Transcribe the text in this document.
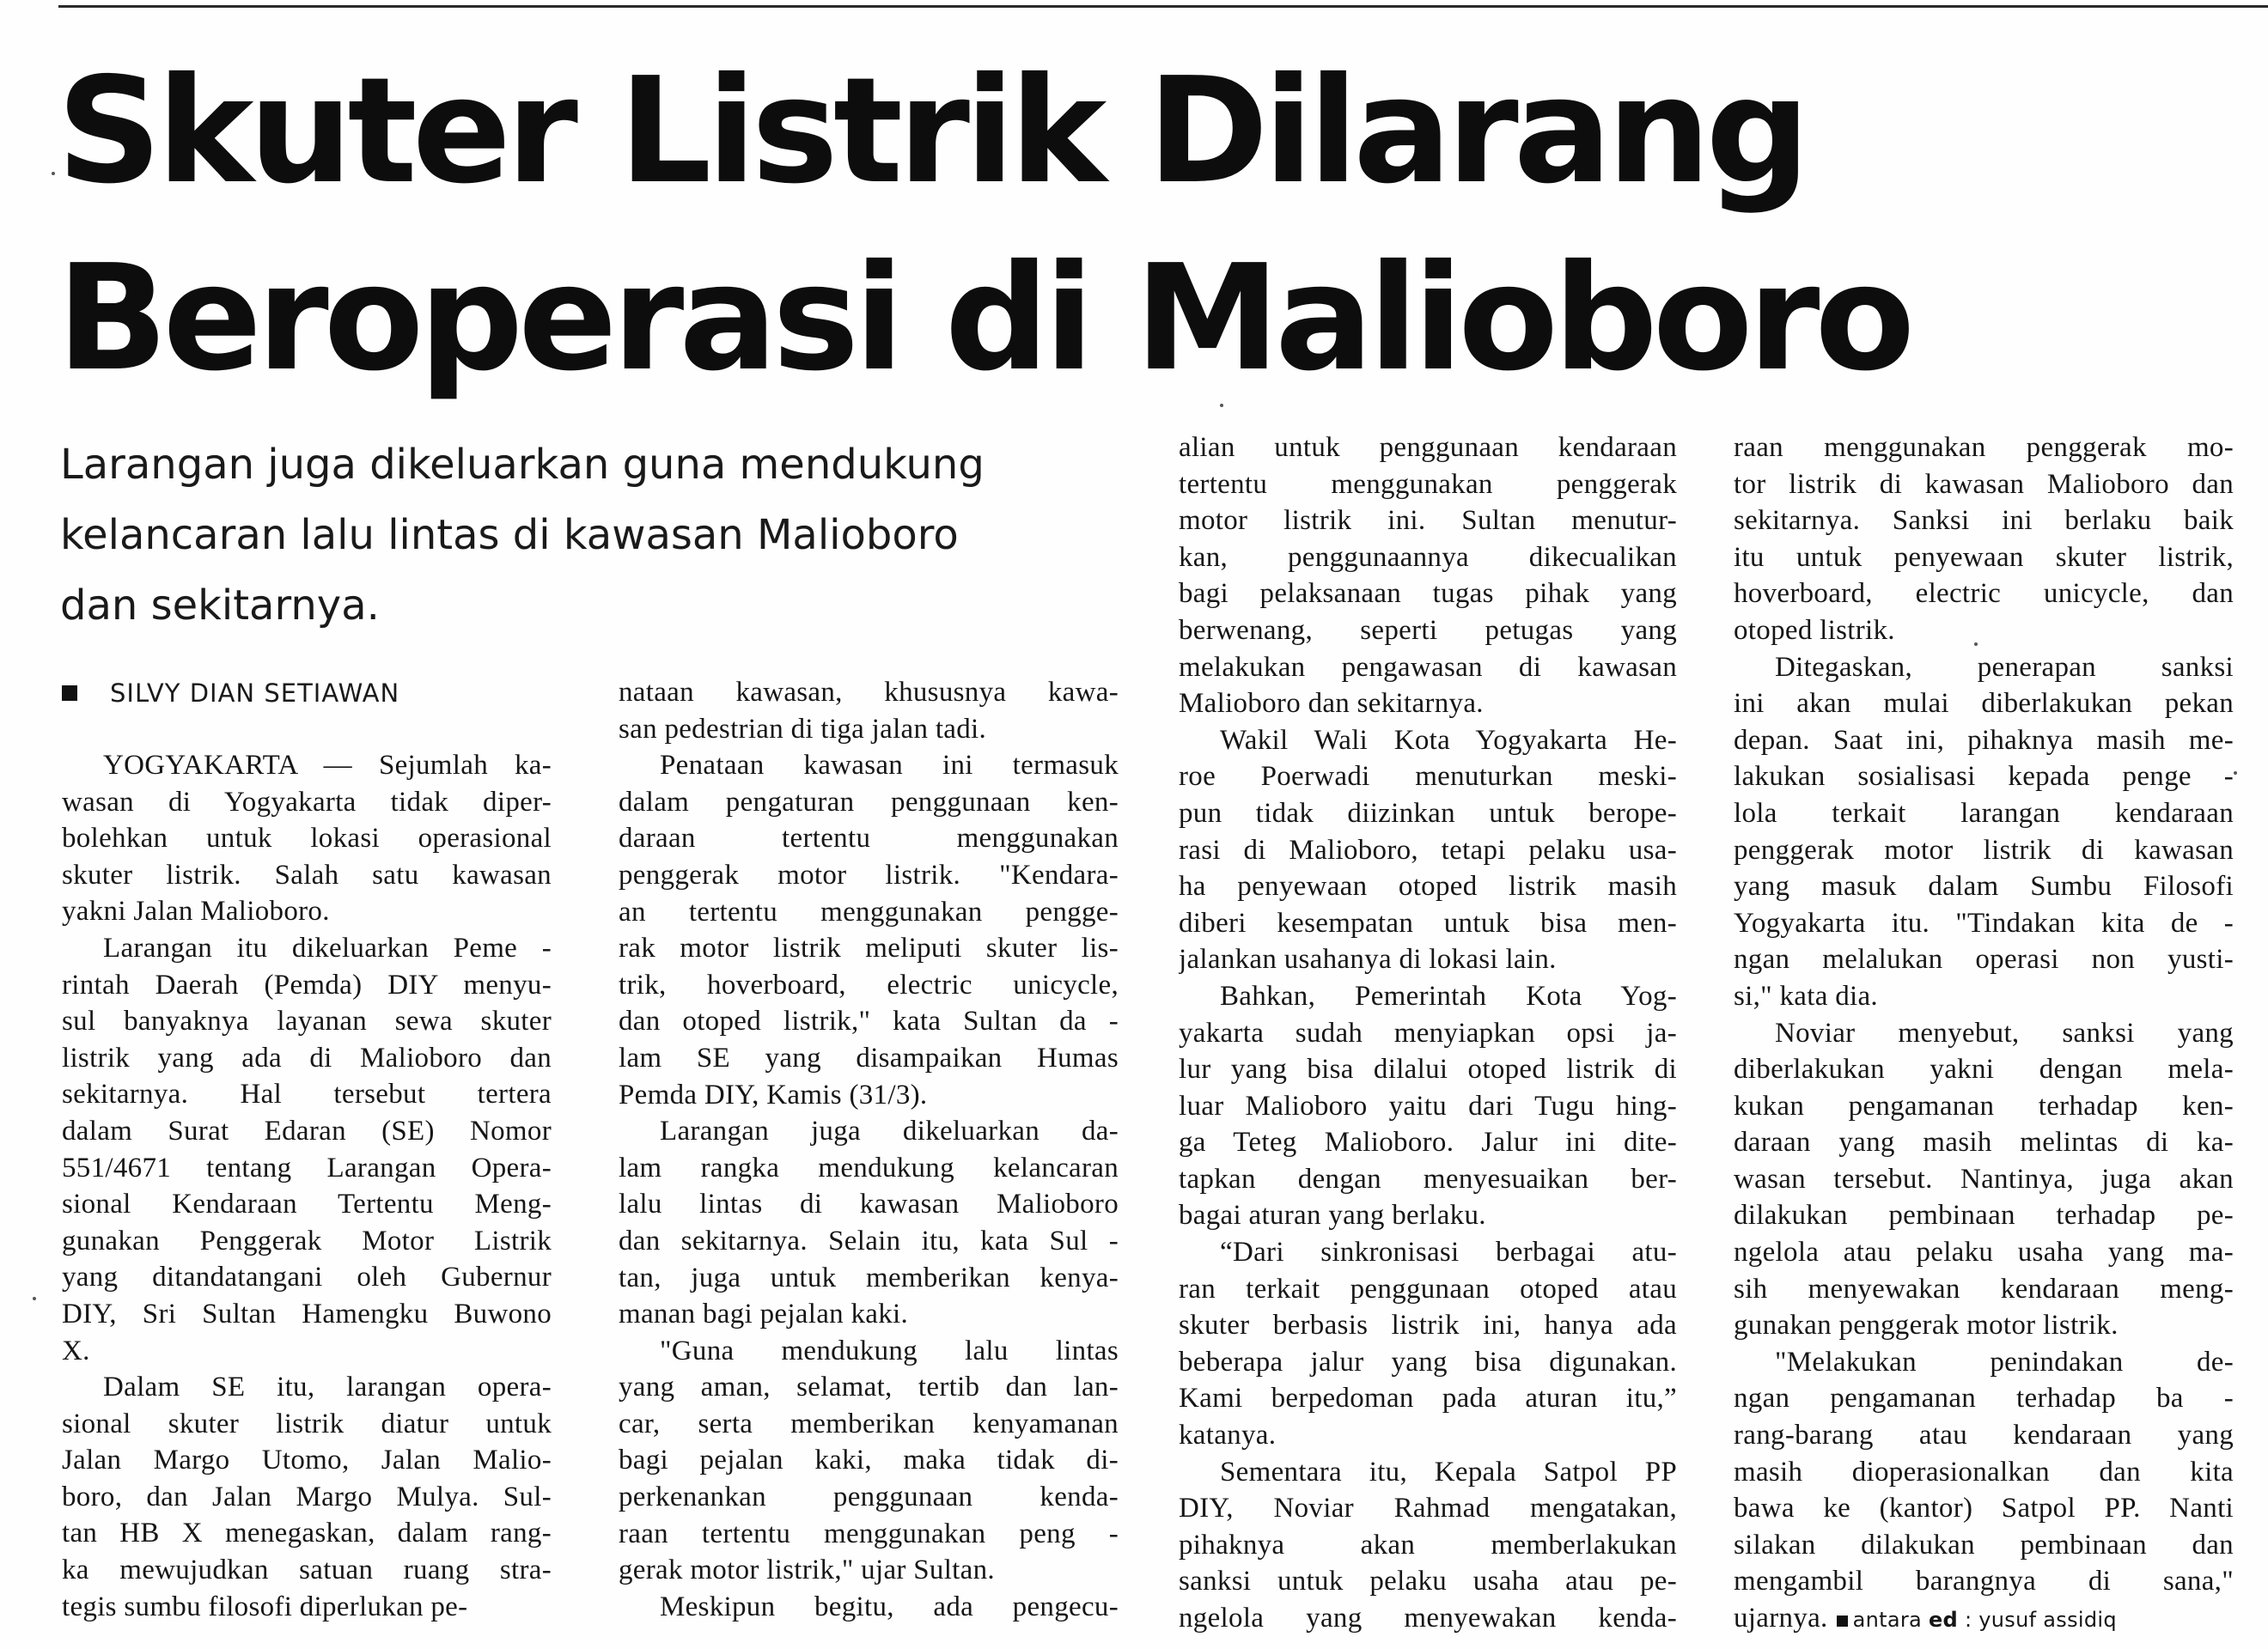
Skuter Listrik Dilarang
Beroperasi di Malioboro

Larangan juga dikeluarkan guna mendukung
kelancaran lalu lintas di kawasan Malioboro
dan sekitarnya.

SILVY DIAN SETIAWAN
YOGYAKARTA — Sejumlah ka-
wasan di Yogyakarta tidak diper-
bolehkan untuk lokasi operasional
skuter listrik. Salah satu kawasan
yakni Jalan Malioboro.
Larangan itu dikeluarkan Peme -
rintah Daerah (Pemda) DIY menyu-
sul banyaknya layanan sewa skuter
listrik yang ada di Malioboro dan
sekitarnya. Hal tersebut tertera
dalam Surat Edaran (SE) Nomor
551/4671 tentang Larangan Opera-
sional Kendaraan Tertentu Meng-
gunakan Penggerak Motor Listrik
yang ditandatangani oleh Gubernur
DIY, Sri Sultan Hamengku Buwono
X.
Dalam SE itu, larangan opera-
sional skuter listrik diatur untuk
Jalan Margo Utomo, Jalan Malio-
boro, dan Jalan Margo Mulya. Sul-
tan HB X menegaskan, dalam rang-
ka mewujudkan satuan ruang stra-
tegis sumbu filosofi diperlukan pe-
nataan kawasan, khususnya kawa-
san pedestrian di tiga jalan tadi.
Penataan kawasan ini termasuk
dalam pengaturan penggunaan ken-
daraan tertentu menggunakan
penggerak motor listrik. "Kendara-
an tertentu menggunakan pengge-
rak motor listrik meliputi skuter lis-
trik, hoverboard, electric unicycle,
dan otoped listrik," kata Sultan da -
lam SE yang disampaikan Humas
Pemda DIY, Kamis (31/3).
Larangan juga dikeluarkan da-
lam rangka mendukung kelancaran
lalu lintas di kawasan Malioboro
dan sekitarnya. Selain itu, kata Sul -
tan, juga untuk memberikan kenya-
manan bagi pejalan kaki.
"Guna mendukung lalu lintas
yang aman, selamat, tertib dan lan-
car, serta memberikan kenyamanan
bagi pejalan kaki, maka tidak di-
perkenankan penggunaan kenda-
raan tertentu menggunakan peng -
gerak motor listrik," ujar Sultan.
Meskipun begitu, ada pengecu-
alian untuk penggunaan kendaraan
tertentu menggunakan penggerak
motor listrik ini. Sultan menutur-
kan, penggunaannya dikecualikan
bagi pelaksanaan tugas pihak yang
berwenang, seperti petugas yang
melakukan pengawasan di kawasan
Malioboro dan sekitarnya.
Wakil Wali Kota Yogyakarta He-
roe Poerwadi menuturkan meski-
pun tidak diizinkan untuk berope-
rasi di Malioboro, tetapi pelaku usa-
ha penyewaan otoped listrik masih
diberi kesempatan untuk bisa men-
jalankan usahanya di lokasi lain.
Bahkan, Pemerintah Kota Yog-
yakarta sudah menyiapkan opsi ja-
lur yang bisa dilalui otoped listrik di
luar Malioboro yaitu dari Tugu hing-
ga Teteg Malioboro. Jalur ini dite-
tapkan dengan menyesuaikan ber-
bagai aturan yang berlaku.
“Dari sinkronisasi berbagai atu-
ran terkait penggunaan otoped atau
skuter berbasis listrik ini, hanya ada
beberapa jalur yang bisa digunakan.
Kami berpedoman pada aturan itu,”
katanya.
Sementara itu, Kepala Satpol PP
DIY, Noviar Rahmad mengatakan,
pihaknya akan memberlakukan
sanksi untuk pelaku usaha atau pe-
ngelola yang menyewakan kenda-
raan menggunakan penggerak mo-
tor listrik di kawasan Malioboro dan
sekitarnya. Sanksi ini berlaku baik
itu untuk penyewaan skuter listrik,
hoverboard, electric unicycle, dan
otoped listrik.
Ditegaskan, penerapan sanksi
ini akan mulai diberlakukan pekan
depan. Saat ini, pihaknya masih me-
lakukan sosialisasi kepada penge -
lola terkait larangan kendaraan
penggerak motor listrik di kawasan
yang masuk dalam Sumbu Filosofi
Yogyakarta itu. "Tindakan kita de -
ngan melalukan operasi non yusti-
si," kata dia.
Noviar menyebut, sanksi yang
diberlakukan yakni dengan mela-
kukan pengamanan terhadap ken-
daraan yang masih melintas di ka-
wasan tersebut. Nantinya, juga akan
dilakukan pembinaan terhadap pe-
ngelola atau pelaku usaha yang ma-
sih menyewakan kendaraan meng-
gunakan penggerak motor listrik.
"Melakukan penindakan de-
ngan pengamanan terhadap ba -
rang-barang atau kendaraan yang
masih dioperasionalkan dan kita
bawa ke (kantor) Satpol PP. Nanti
silakan dilakukan pembinaan dan
mengambil barangnya di sana,"
ujarnya. antara ed : yusuf assidiq
